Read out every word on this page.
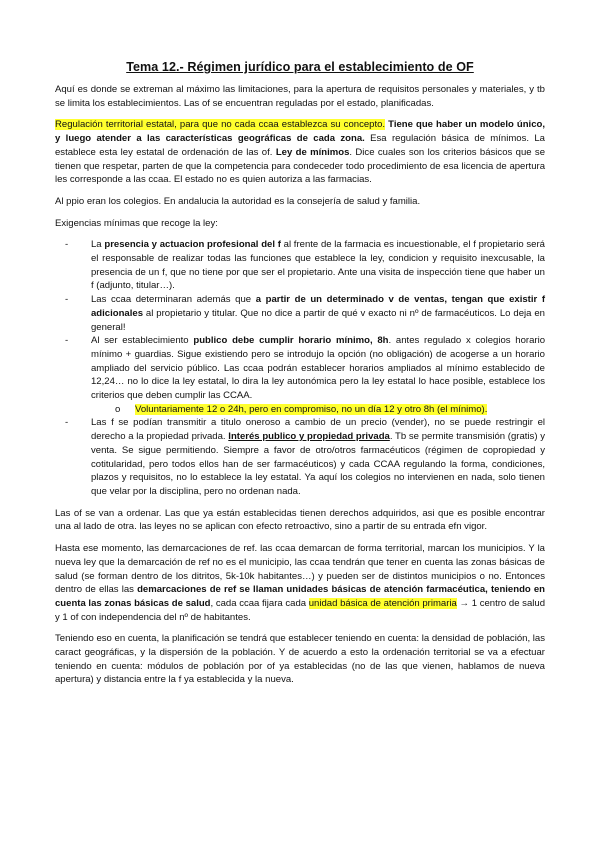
Tema 12.- Régimen jurídico para el establecimiento de OF

Aquí es donde se extreman al máximo las limitaciones, para la apertura de requisitos personales y materiales, y tb se limita los establecimientos. Las of se encuentran reguladas por el estado, planificadas.

Regulación territorial estatal, para que no cada ccaa establezca su concepto. Tiene que haber un modelo único, y luego atender a las características geográficas de cada zona. Esa regulación básica de mínimos. La establece esta ley estatal de ordenación de las of. Ley de mínimos. Dice cuales son los criterios básicos que se tienen que respetar, parten de que la competencia para condeceder todo procedimiento de esa licencia de apertura les corresponde a las ccaa. El estado no es quien autoriza a las farmacias.

Al ppio eran los colegios. En andalucia la autoridad es la consejería de salud y familia.

Exigencias mínimas que recoge la ley:

- La presencia y actuacion profesional del f al frente de la farmacia es incuestionable, el f propietario será el responsable de realizar todas las funciones que establece la ley, condicion y requisito inexcusable, la presencia de un f, que no tiene por que ser el propietario. Ante una visita de inspección tiene que haber un f (adjunto, titular…).
- Las ccaa determinaran además que a partir de un determinado v de ventas, tengan que existir f adicionales al propietario y titular. Que no dice a partir de qué v exacto ni nº de farmacéuticos. Lo deja en general!
- Al ser establecimiento publico debe cumplir horario mínimo, 8h. antes regulado x colegios horario mínimo + guardias. Sigue existiendo pero se introdujo la opción (no obligación) de acogerse a un horario ampliado del servicio público. Las ccaa podrán establecer horarios ampliados al mínimo establecido de 12,24… no lo dice la ley estatal, lo dira la ley autonómica pero la ley estatal lo hace posible, establece los criterios que deben cumplir las CCAA.
o Voluntariamente 12 o 24h, pero en compromiso, no un día 12 y otro 8h (el mínimo).
- Las f se podían transmitir a titulo oneroso a cambio de un precio (vender), no se puede restringir el derecho a la propiedad privada. Interés publico y propiedad privada. Tb se permite transmisión (gratis) y venta. Se sigue permitiendo. Siempre a favor de otro/otros farmacéuticos (régimen de copropiedad y cotitularidad, pero todos ellos han de ser farmacéuticos) y cada CCAA regulando la forma, condiciones, plazos y requisitos, no lo establece la ley estatal. Ya aquí los colegios no intervienen en nada, solo tienen que velar por la disciplina, pero no ordenan nada.

Las of se van a ordenar. Las que ya están establecidas tienen derechos adquiridos, asi que es posible encontrar una al lado de otra. las leyes no se aplican con efecto retroactivo, sino a partir de su entrada efn vigor.

Hasta ese momento, las demarcaciones de ref. las ccaa demarcan de forma territorial, marcan los municipios. Y la nueva ley que la demarcación de ref no es el municipio, las ccaa tendrán que tener en cuenta las zonas básicas de salud (se forman dentro de los ditritos, 5k-10k habitantes…) y pueden ser de distintos municipios o no. Entonces dentro de ellas las demarcaciones de ref se llaman unidades básicas de atención farmacéutica, teniendo en cuenta las zonas básicas de salud, cada ccaa fijara cada unidad básica de atención primaria → 1 centro de salud y 1 of con independencia del nº de habitantes.

Teniendo eso en cuenta, la planificación se tendrá que establecer teniendo en cuenta: la densidad de población, las caract geográficas, y la dispersión de la población. Y de acuerdo a esto la ordenación territorial se va a efectuar teniendo en cuenta: módulos de población por of ya establecidas (no de las que vienen, hablamos de nueva apertura) y distancia entre la f ya establecida y la nueva.
